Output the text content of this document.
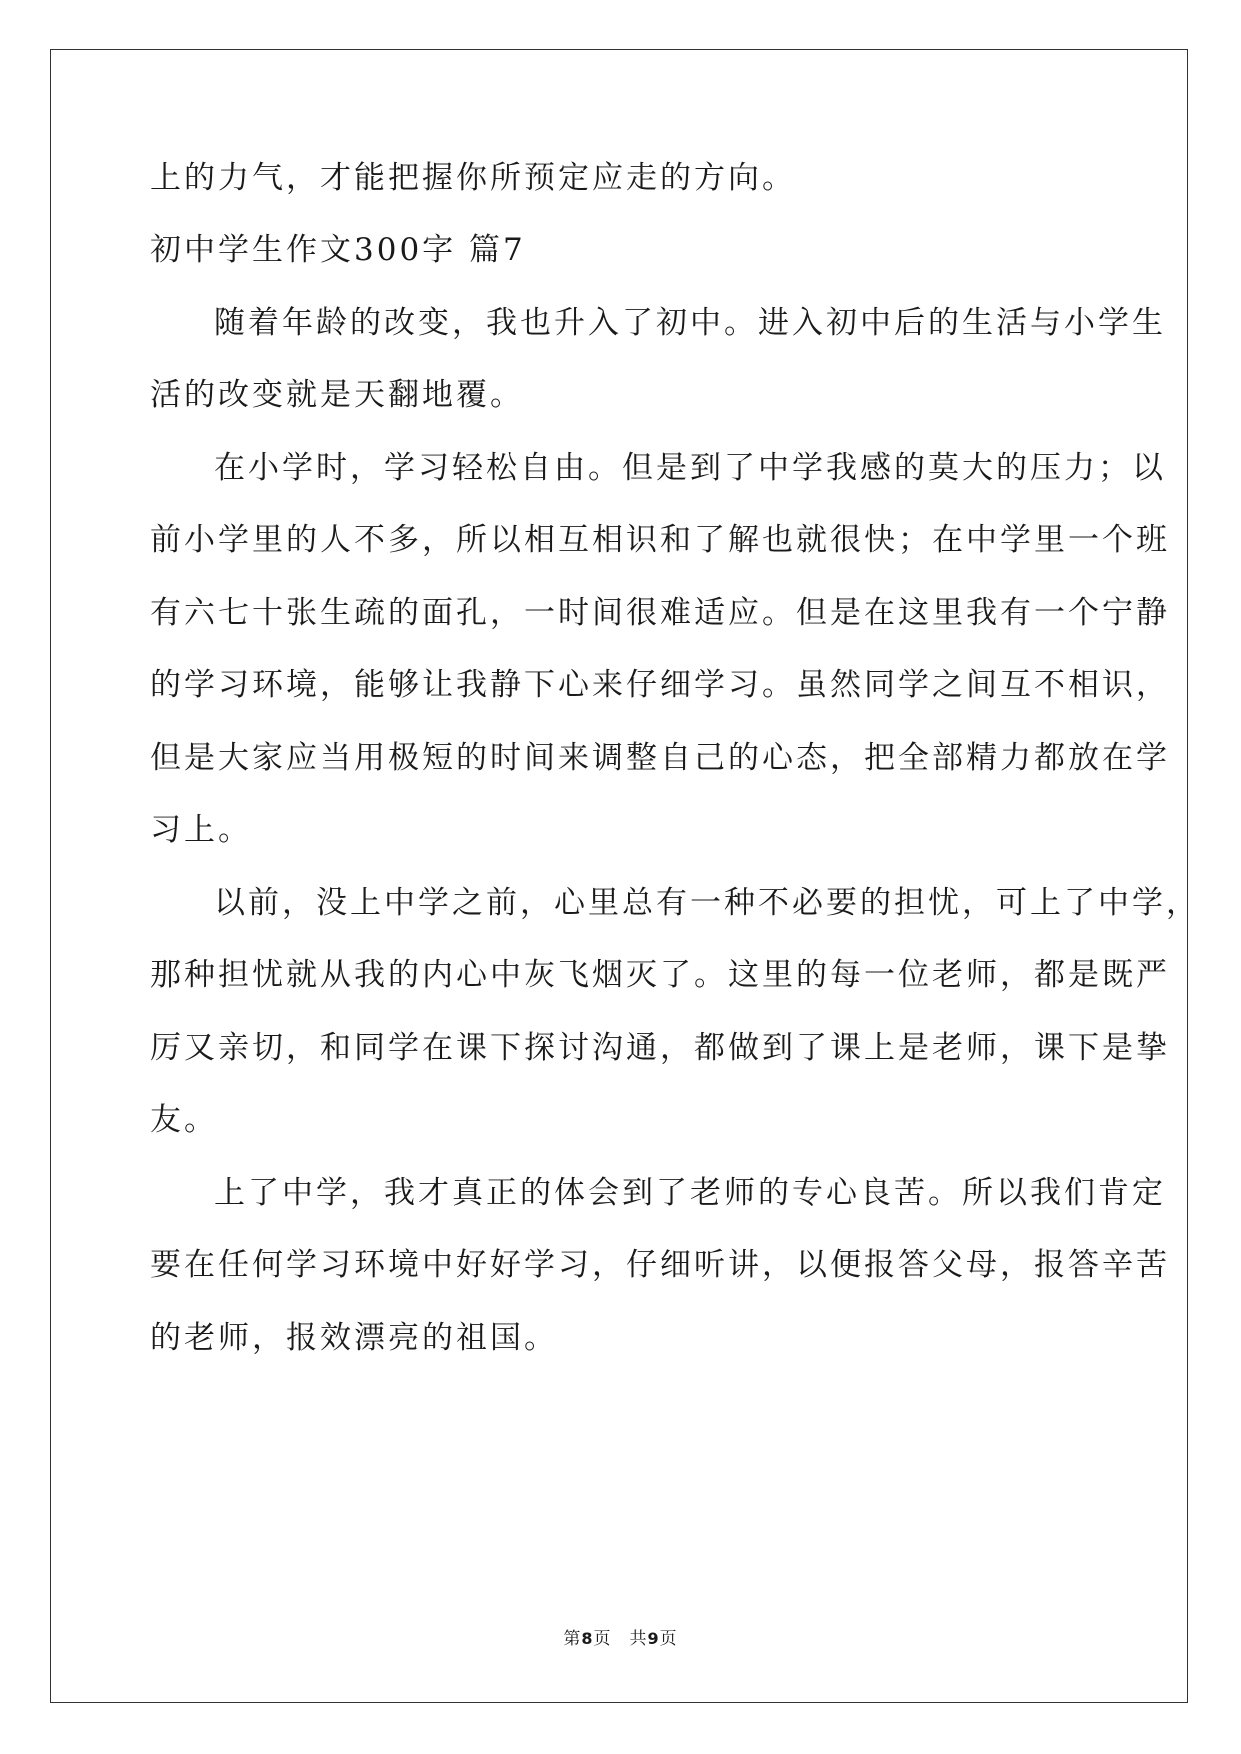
上的力气，才能把握你所预定应走的方向。

初中学生作文300字 篇7

随着年龄的改变，我也升入了初中。进入初中后的生活与小学生

活的改变就是天翻地覆。

在小学时，学习轻松自由。但是到了中学我感的莫大的压力；以

前小学里的人不多，所以相互相识和了解也就很快；在中学里一个班

有六七十张生疏的面孔，一时间很难适应。但是在这里我有一个宁静

的学习环境，能够让我静下心来仔细学习。虽然同学之间互不相识，

但是大家应当用极短的时间来调整自己的心态，把全部精力都放在学

习上。

以前，没上中学之前，心里总有一种不必要的担忧，可上了中学，

那种担忧就从我的内心中灰飞烟灭了。这里的每一位老师，都是既严

厉又亲切，和同学在课下探讨沟通，都做到了课上是老师，课下是挚

友。

上了中学，我才真正的体会到了老师的专心良苦。所以我们肯定

要在任何学习环境中好好学习，仔细听讲，以便报答父母，报答辛苦

的老师，报效漂亮的祖国。

第8页 共9页
